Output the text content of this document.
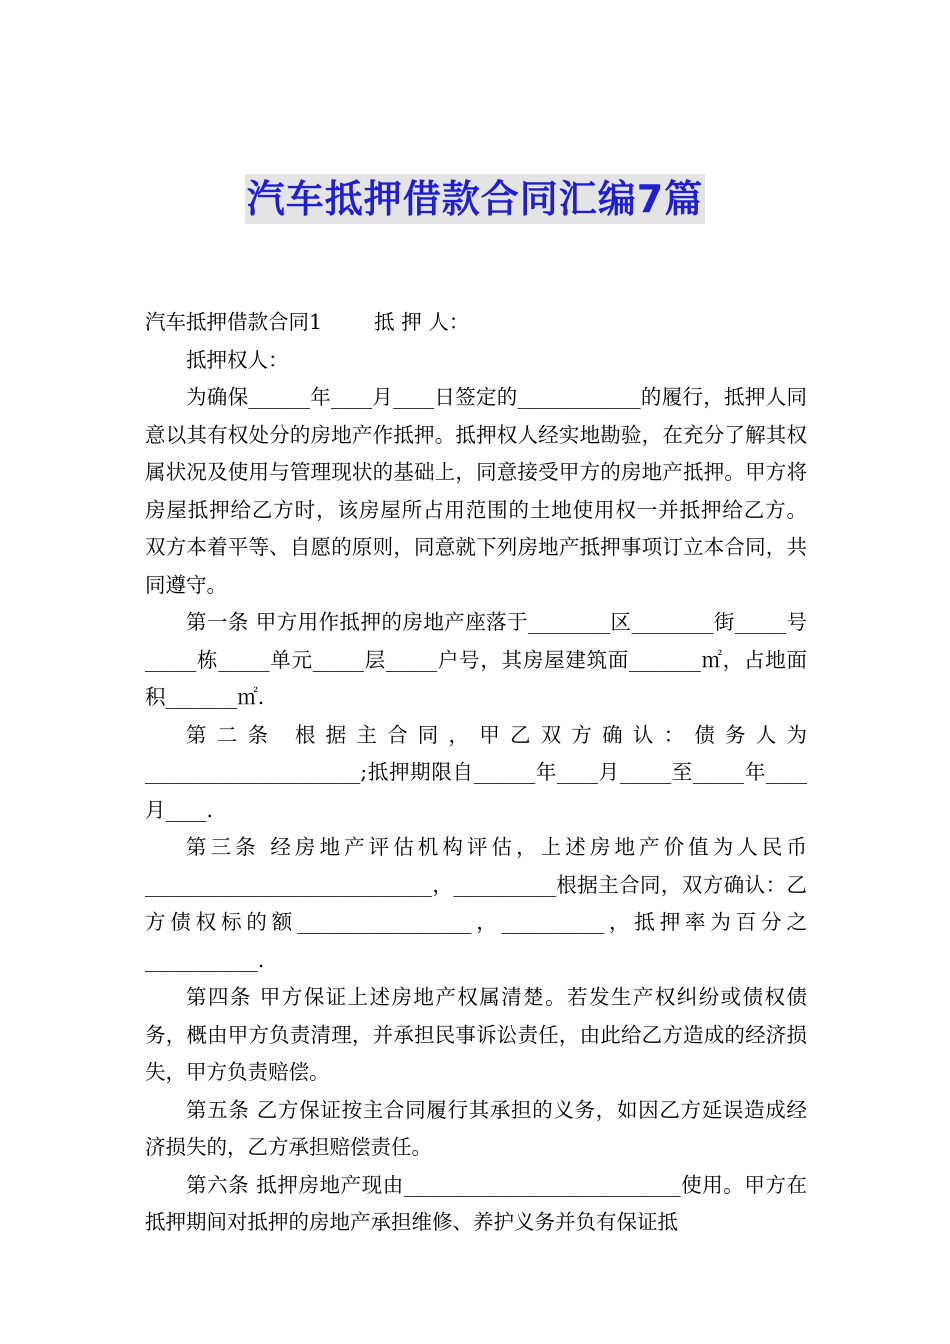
汽车抵押借款合同汇编7篇

汽车抵押借款合同1        抵 押 人：

抵押权人：

为确保______年____月____日签定的____________的履行，抵押人同意以其有权处分的房地产作抵押。抵押权人经实地勘验，在充分了解其权属状况及使用与管理现状的基础上，同意接受甲方的房地产抵押。甲方将房屋抵押给乙方时，该房屋所占用范围的土地使用权一并抵押给乙方。 双方本着平等、自愿的原则，同意就下列房地产抵押事项订立本合同，共同遵守。

第一条 甲方用作抵押的房地产座落于________区________街_____号_____栋_____单元_____层_____户号，其房屋建筑面_______㎡，占地面积_______㎡.

第二条 根据主合同，甲乙双方确认：债务人为_____________________;抵押期限自______年____月_____至_____年____月____.

第三条 经房地产评估机构评估，上述房地产价值为人民币____________________________，__________根据主合同，双方确认：乙方债权标的额_________________，__________，抵押率为百分之___________.

第四条 甲方保证上述房地产权属清楚。若发生产权纠纷或债权债务，概由甲方负责清理，并承担民事诉讼责任，由此给乙方造成的经济损失，甲方负责赔偿。

第五条 乙方保证按主合同履行其承担的义务，如因乙方延误造成经济损失的，乙方承担赔偿责任。

第六条 抵押房地产现由___________________________使用。甲方在抵押期间对抵押的房地产承担维修、养护义务并负有保证抵
